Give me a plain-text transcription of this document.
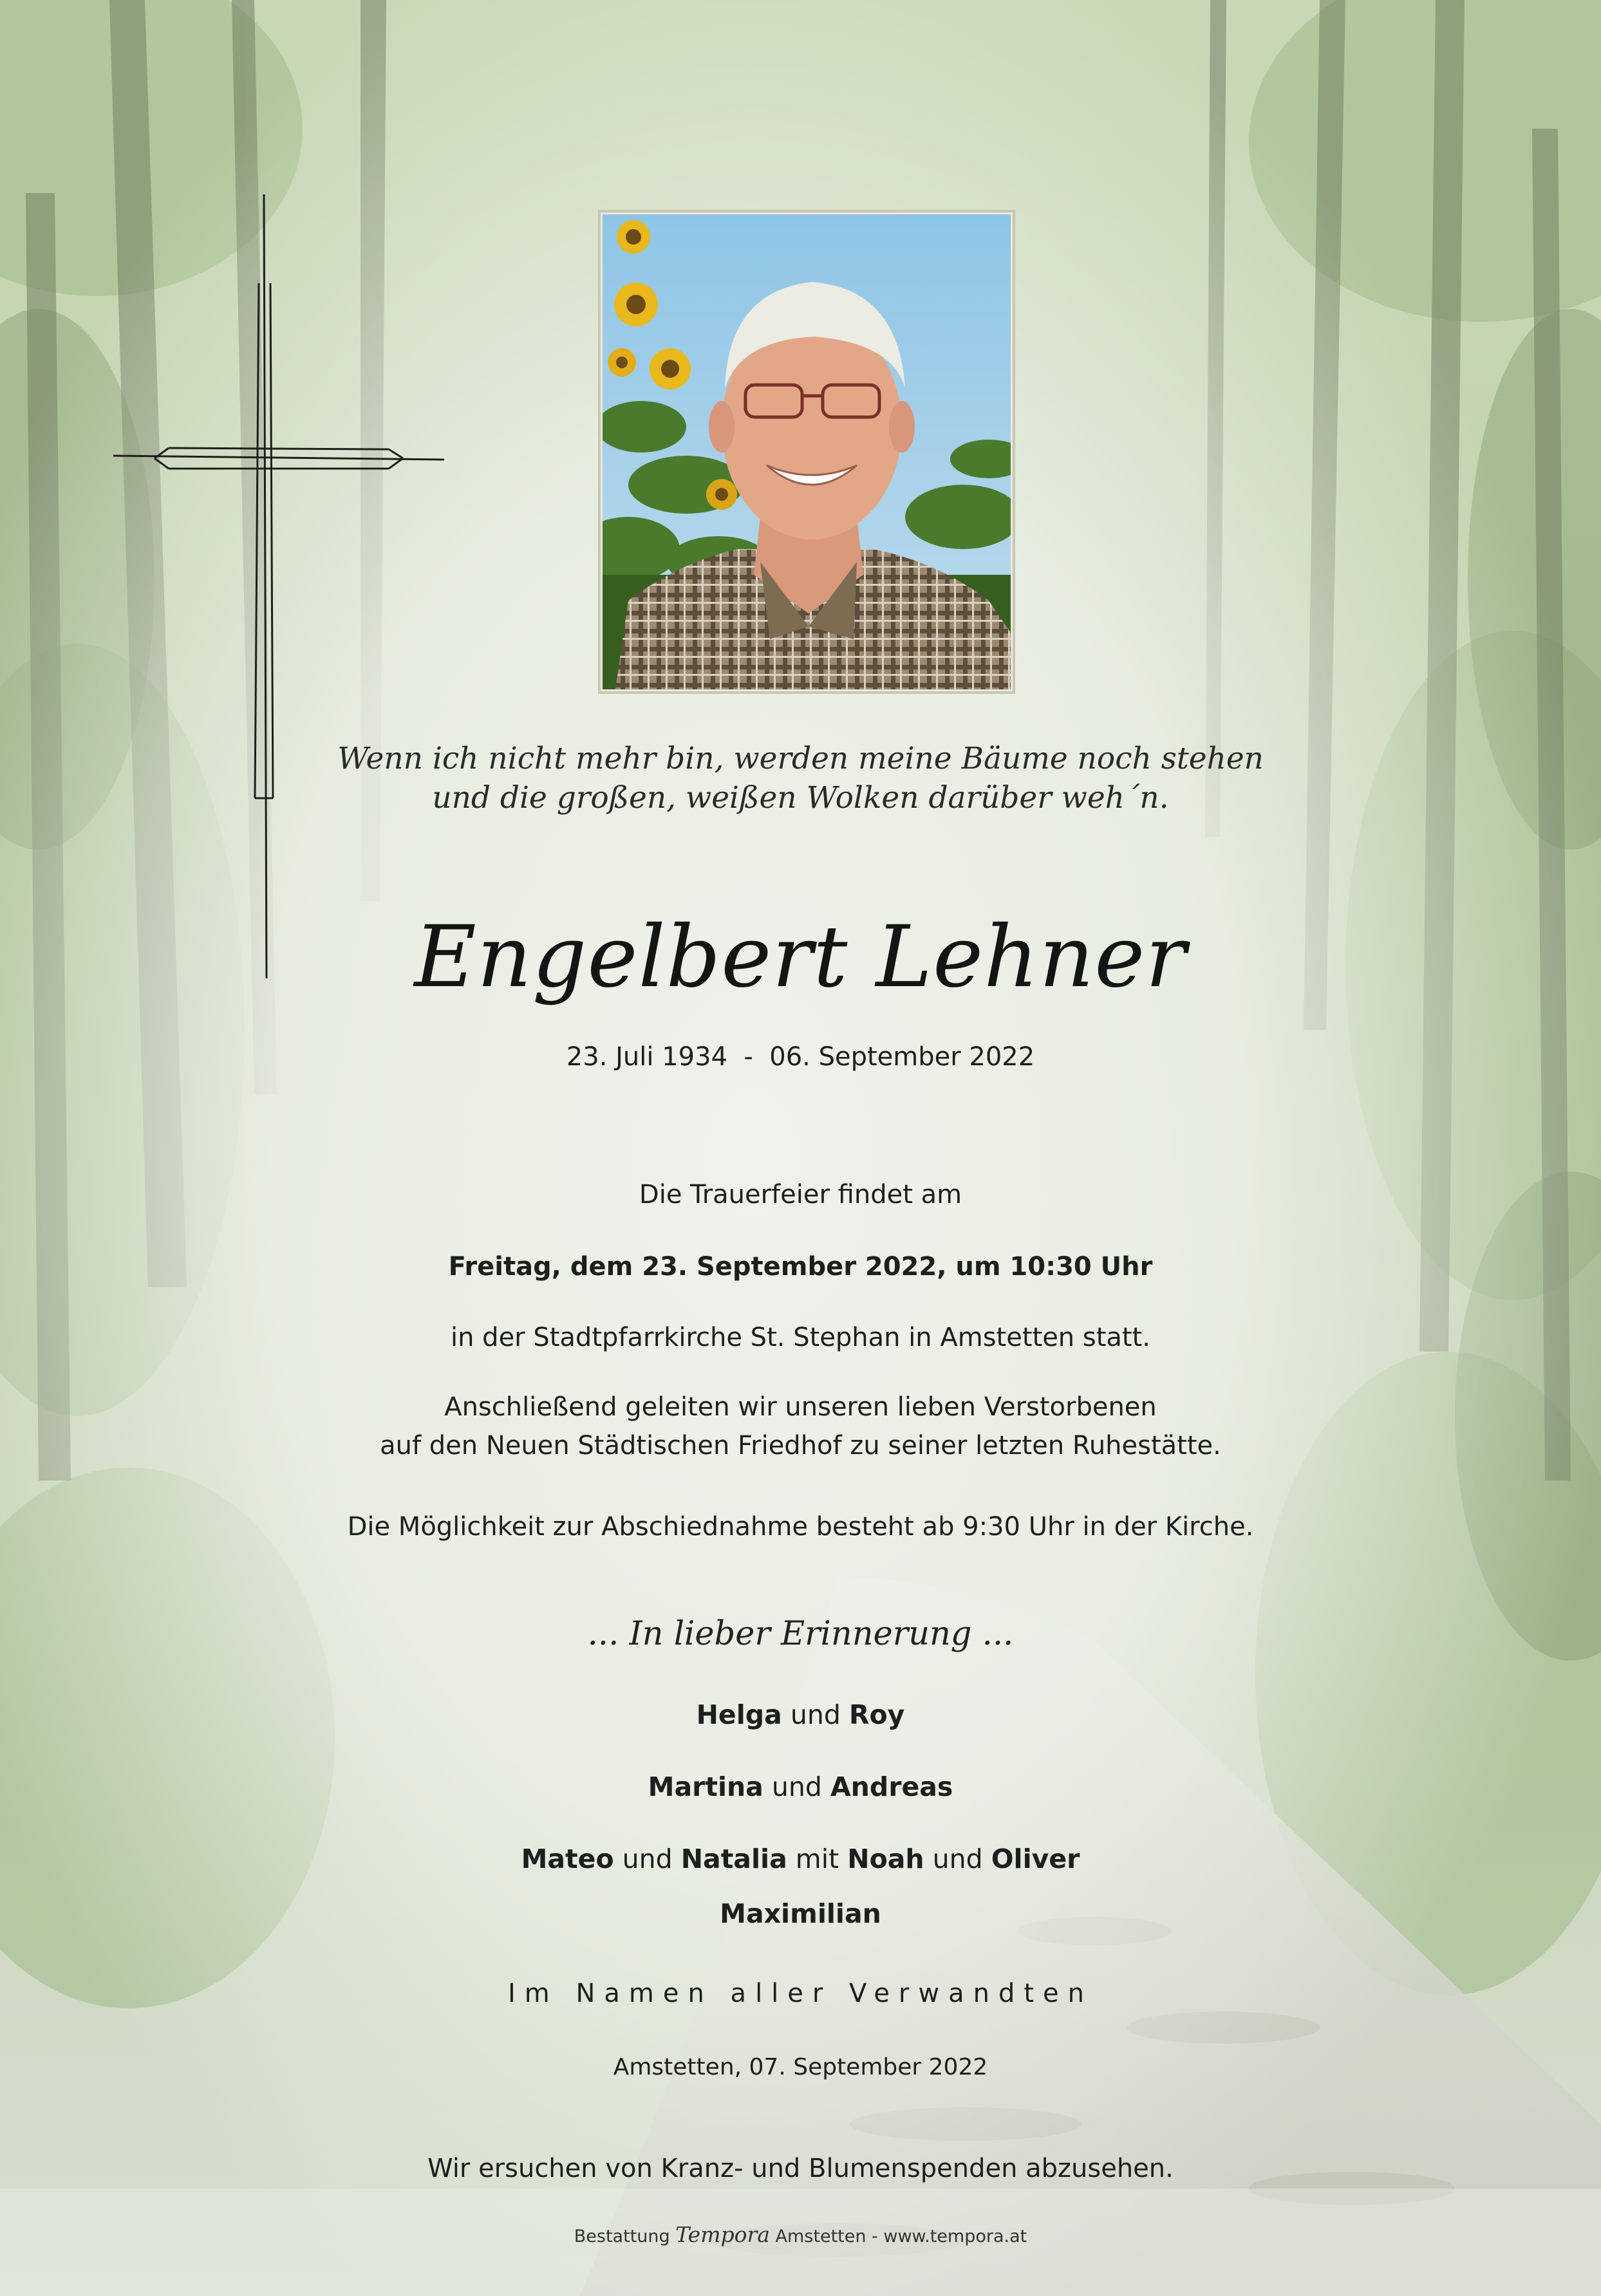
Wenn ich nicht mehr bin, werden meine Bäume noch stehen
und die großen, weißen Wolken darüber weh´n.
Engelbert Lehner
23. Juli 1934  -  06. September 2022
Die Trauerfeier findet am
Freitag, dem 23. September 2022, um 10:30 Uhr
in der Stadtpfarrkirche St. Stephan in Amstetten statt.
Anschließend geleiten wir unseren lieben Verstorbenen
auf den Neuen Städtischen Friedhof zu seiner letzten Ruhestätte.
Die Möglichkeit zur Abschiednahme besteht ab 9:30 Uhr in der Kirche.
... In lieber Erinnerung ...
Helga und Roy
Martina und Andreas
Mateo und Natalia mit Noah und Oliver
Maximilian
Im Namen aller Verwandten
Amstetten, 07. September 2022
Wir ersuchen von Kranz- und Blumenspenden abzusehen.
Bestattung Tempora Amstetten - www.tempora.at
